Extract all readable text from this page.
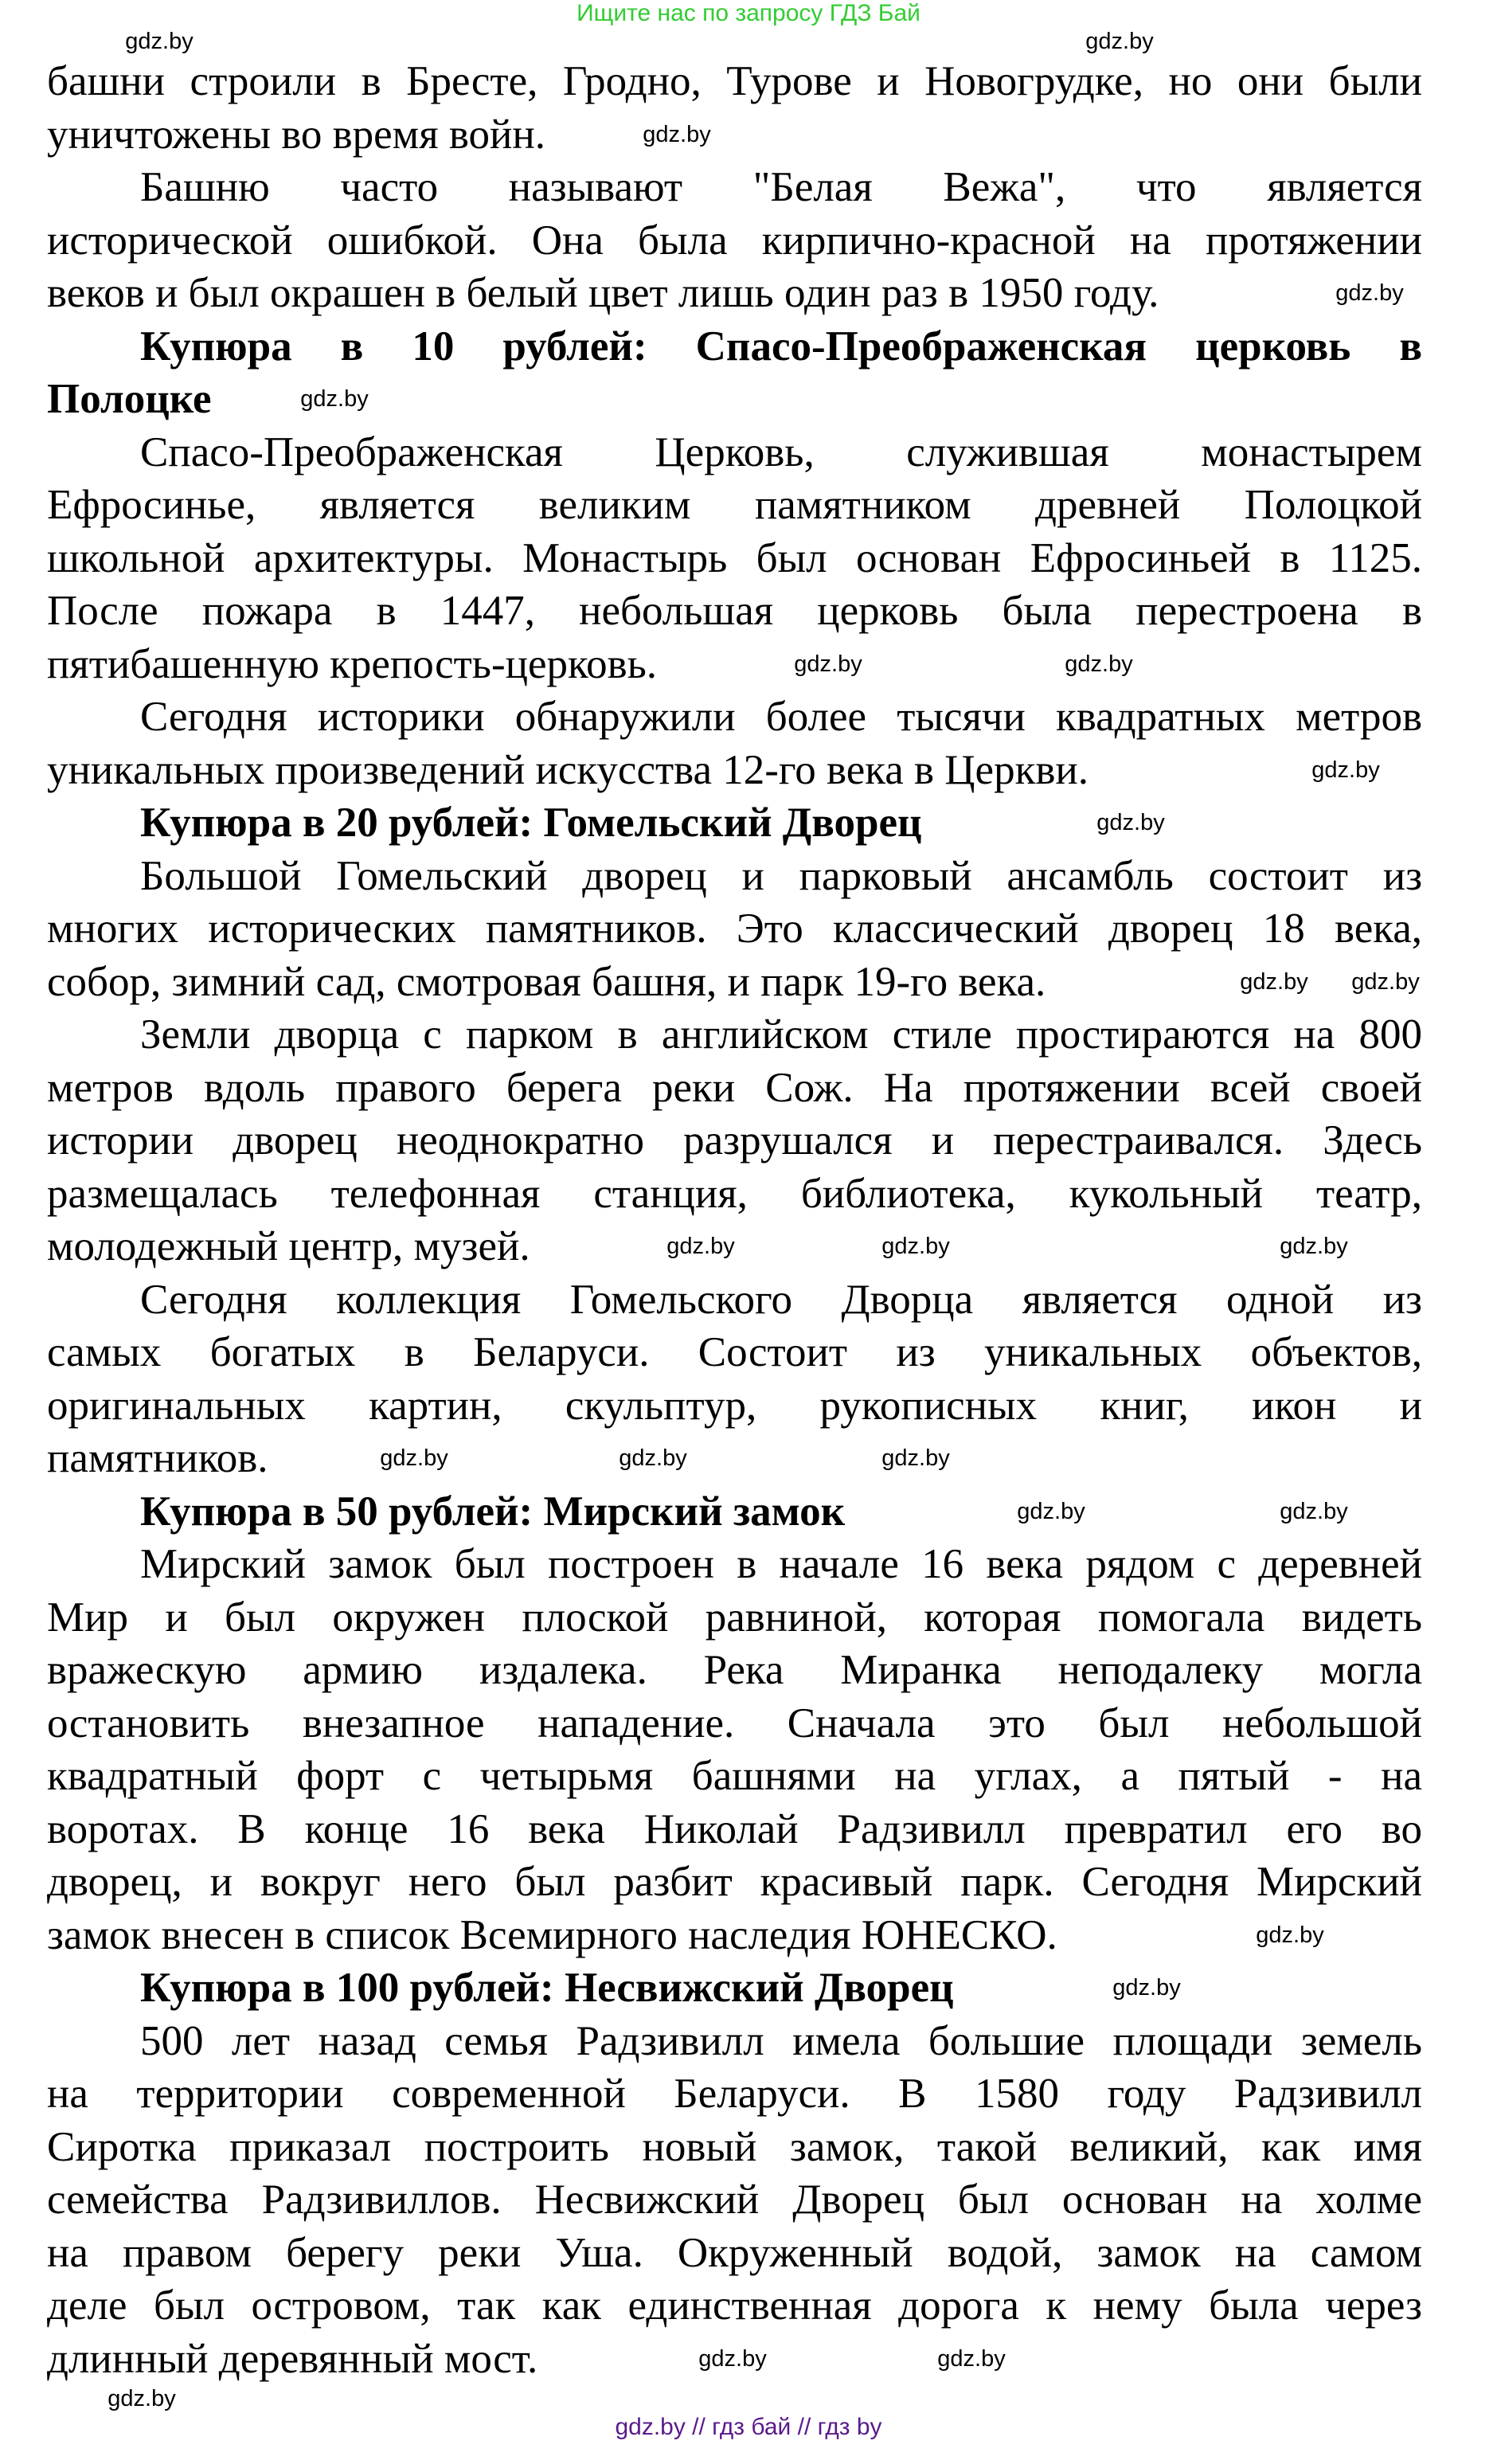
Ищите нас по запросу ГДЗ Бай
башни строили в Бресте, Гродно, Турове и Новогрудке, но они были
уничтожены во время войн.
Башню часто называют "Белая Вежа", что является
исторической ошибкой. Она была кирпично-красной на протяжении
веков и был окрашен в белый цвет лишь один раз в 1950 году.
Купюра в 10 рублей: Спасо-Преображенская церковь в
Полоцке
Спасо-Преображенская Церковь, служившая монастырем
Ефросинье, является великим памятником древней Полоцкой
школьной архитектуры. Монастырь был основан Ефросиньей в 1125.
После пожара в 1447, небольшая церковь была перестроена в
пятибашенную крепость-церковь.
Сегодня историки обнаружили более тысячи квадратных метров
уникальных произведений искусства 12-го века в Церкви.
Купюра в 20 рублей: Гомельский Дворец
Большой Гомельский дворец и парковый ансамбль состоит из
многих исторических памятников. Это классический дворец 18 века,
собор, зимний сад, смотровая башня, и парк 19-го века.
Земли дворца с парком в английском стиле простираются на 800
метров вдоль правого берега реки Сож. На протяжении всей своей
истории дворец неоднократно разрушался и перестраивался. Здесь
размещалась телефонная станция, библиотека, кукольный театр,
молодежный центр, музей.
Сегодня коллекция Гомельского Дворца является одной из
самых богатых в Беларуси. Состоит из уникальных объектов,
оригинальных картин, скульптур, рукописных книг, икон и
памятников.
Купюра в 50 рублей: Мирский замок
Мирский замок был построен в начале 16 века рядом с деревней
Мир и был окружен плоской равниной, которая помогала видеть
вражескую армию издалека. Река Миранка неподалеку могла
остановить внезапное нападение. Сначала это был небольшой
квадратный форт с четырьмя башнями на углах, а пятый - на
воротах. В конце 16 века Николай Радзивилл превратил его во
дворец, и вокруг него был разбит красивый парк. Сегодня Мирский
замок внесен в список Всемирного наследия ЮНЕСКО.
Купюра в 100 рублей: Несвижский Дворец
500 лет назад семья Радзивилл имела большие площади земель
на территории современной Беларуси. В 1580 году Радзивилл
Сиротка приказал построить новый замок, такой великий, как имя
семейства Радзивиллов. Несвижский Дворец был основан на холме
на правом берегу реки Уша. Окруженный водой, замок на самом
деле был островом, так как единственная дорога к нему была через
длинный деревянный мост.
gdz.by
gdz.by
gdz.by
gdz.by
gdz.by
gdz.by	gdz.by
gdz.by
gdz.by
gdz.by gdz.by
gdz.by	gdz.by	gdz.by
gdz.by	gdz.by	gdz.by
gdz.by	gdz.by
gdz.by
gdz.by
gdz.by	gdz.by
gdz.by
gdz.by // гдз бай // гдз by
